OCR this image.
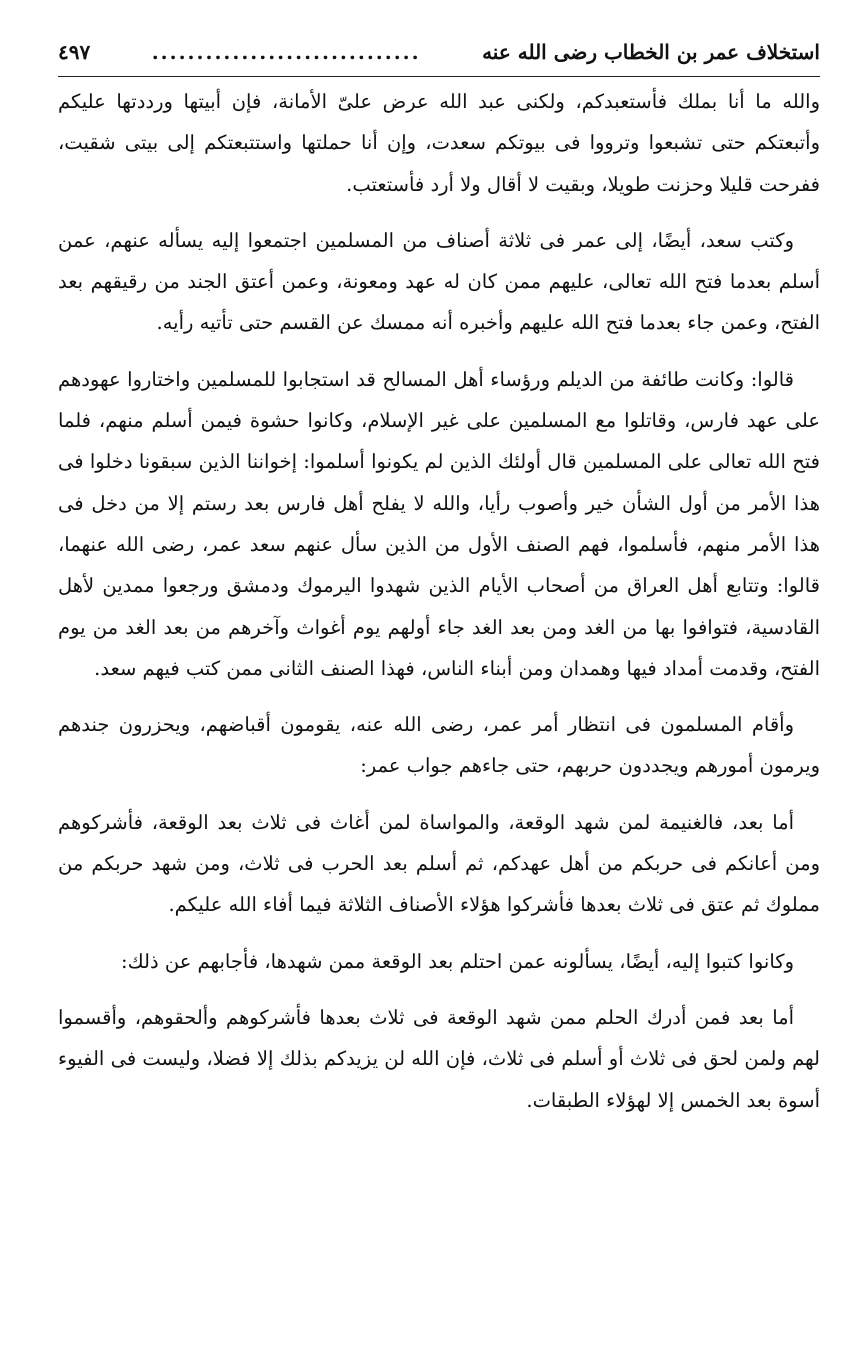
استخلاف عمر بن الخطاب رضى الله عنه
..............................
٤٩٧

والله ما أنا بملك فأستعبدكم، ولكنى عبد الله عرض علىّ الأمانة، فإن أبيتها ورددتها عليكم وأتبعتكم حتى تشبعوا وترووا فى بيوتكم سعدت، وإن أنا حملتها واستتبعتكم إلى بيتى شقيت، ففرحت قليلا وحزنت طويلا، وبقيت لا أقال ولا أرد فأستعتب.

وكتب سعد، أيضًا، إلى عمر فى ثلاثة أصناف من المسلمين اجتمعوا إليه يسأله عنهم، عمن أسلم بعدما فتح الله تعالى، عليهم ممن كان له عهد ومعونة، وعمن أعتق الجند من رقيقهم بعد الفتح، وعمن جاء بعدما فتح الله عليهم وأخبره أنه ممسك عن القسم حتى تأتيه رأيه.

قالوا: وكانت طائفة من الديلم ورؤساء أهل المسالح قد استجابوا للمسلمين واختاروا عهودهم على عهد فارس، وقاتلوا مع المسلمين على غير الإسلام، وكانوا حشوة فيمن أسلم منهم، فلما فتح الله تعالى على المسلمين قال أولئك الذين لم يكونوا أسلموا: إخواننا الذين سبقونا دخلوا فى هذا الأمر من أول الشأن خير وأصوب رأيا، والله لا يفلح أهل فارس بعد رستم إلا من دخل فى هذا الأمر منهم، فأسلموا، فهم الصنف الأول من الذين سأل عنهم سعد عمر، رضى الله عنهما، قالوا: وتتابع أهل العراق من أصحاب الأيام الذين شهدوا اليرموك ودمشق ورجعوا ممدين لأهل القادسية، فتوافوا بها من الغد ومن بعد الغد جاء أولهم يوم أغواث وآخرهم من بعد الغد من يوم الفتح، وقدمت أمداد فيها وهمدان ومن أبناء الناس، فهذا الصنف الثانى ممن كتب فيهم سعد.

وأقام المسلمون فى انتظار أمر عمر، رضى الله عنه، يقومون أقباضهم، ويحزرون جندهم ويرمون أمورهم ويجددون حربهم، حتى جاءهم جواب عمر:

أما بعد، فالغنيمة لمن شهد الوقعة، والمواساة لمن أغاث فى ثلاث بعد الوقعة، فأشركوهم ومن أعانكم فى حربكم من أهل عهدكم، ثم أسلم بعد الحرب فى ثلاث، ومن شهد حربكم من مملوك ثم عتق فى ثلاث بعدها فأشركوا هؤلاء الأصناف الثلاثة فيما أفاء الله عليكم.

وكانوا كتبوا إليه، أيضًا، يسألونه عمن احتلم بعد الوقعة ممن شهدها، فأجابهم عن ذلك:

أما بعد فمن أدرك الحلم ممن شهد الوقعة فى ثلاث بعدها فأشركوهم وألحقوهم، وأقسموا لهم ولمن لحق فى ثلاث أو أسلم فى ثلاث، فإن الله لن يزيدكم بذلك إلا فضلا، وليست فى الفيوء أسوة بعد الخمس إلا لهؤلاء الطبقات.
